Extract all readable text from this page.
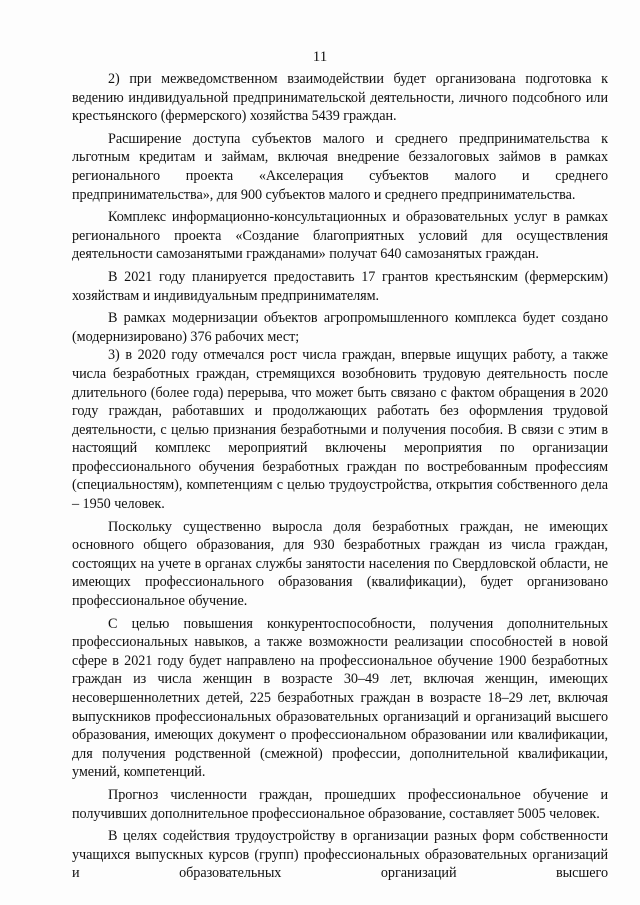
11

2) при межведомственном взаимодействии будет организована подготовка к ведению индивидуальной предпринимательской деятельности, личного подсобного или крестьянского (фермерского) хозяйства 5439 граждан.

Расширение доступа субъектов малого и среднего предпринимательства к льготным кредитам и займам, включая внедрение беззалоговых займов в рамках регионального проекта «Акселерация субъектов малого и среднего предпринимательства», для 900 субъектов малого и среднего предпринимательства.

Комплекс информационно-консультационных и образовательных услуг в рамках регионального проекта «Создание благоприятных условий для осуществления деятельности самозанятыми гражданами» получат 640 самозанятых граждан.

В 2021 году планируется предоставить 17 грантов крестьянским (фермерским) хозяйствам и индивидуальным предпринимателям.

В рамках модернизации объектов агропромышленного комплекса будет создано (модернизировано) 376 рабочих мест;

3) в 2020 году отмечался рост числа граждан, впервые ищущих работу, а также числа безработных граждан, стремящихся возобновить трудовую деятельность после длительного (более года) перерыва, что может быть связано с фактом обращения в 2020 году граждан, работавших и продолжающих работать без оформления трудовой деятельности, с целью признания безработными и получения пособия. В связи с этим в настоящий комплекс мероприятий включены мероприятия по организации профессионального обучения безработных граждан по востребованным профессиям (специальностям), компетенциям с целью трудоустройства, открытия собственного дела – 1950 человек.

Поскольку существенно выросла доля безработных граждан, не имеющих основного общего образования, для 930 безработных граждан из числа граждан, состоящих на учете в органах службы занятости населения по Свердловской области, не имеющих профессионального образования (квалификации), будет организовано профессиональное обучение.

С целью повышения конкурентоспособности, получения дополнительных профессиональных навыков, а также возможности реализации способностей в новой сфере в 2021 году будет направлено на профессиональное обучение 1900 безработных граждан из числа женщин в возрасте 30–49 лет, включая женщин, имеющих несовершеннолетних детей, 225 безработных граждан в возрасте 18–29 лет, включая выпускников профессиональных образовательных организаций и организаций высшего образования, имеющих документ о профессиональном образовании или квалификации, для получения родственной (смежной) профессии, дополнительной квалификации, умений, компетенций.

Прогноз численности граждан, прошедших профессиональное обучение и получивших дополнительное профессиональное образование, составляет 5005 человек.

В целях содействия трудоустройству в организации разных форм собственности учащихся выпускных курсов (групп) профессиональных образовательных организаций и образовательных организаций высшего
